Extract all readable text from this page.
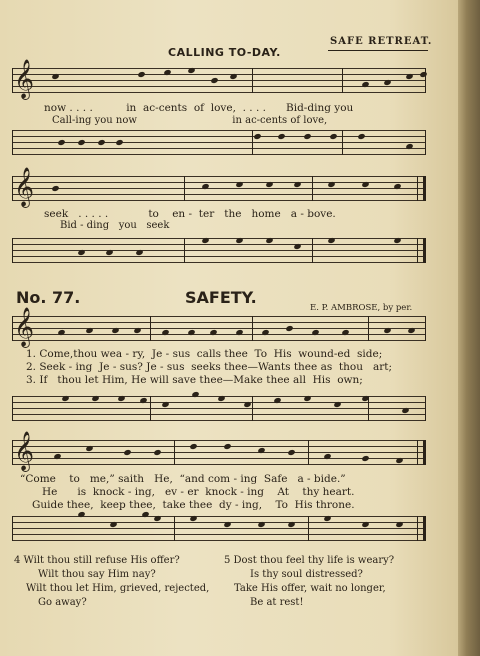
SAFE RETREAT.
CALLING TO-DAY.
𝄞
now . . . .	in ac-cents of love, . . . . Bid-ding you
Call-ing you now	in ac-cents of love,
𝄞
seek . . . . .	to en - ter the home a - bove.
Bid - ding you seek
No. 77.	SAFETY.
E. P. AMBROSE, by per.
𝄞
1. Come,thou wea - ry, Je - sus calls thee To His wound-ed side;
2. Seek - ing Je - sus? Je - sus seeks thee—Wants thee as thou art;
3. If thou let Him, He will save thee—Make thee all His own;
𝄞
“Come to me,” saith He, “and com - ing Safe a - bide.”
He is knock - ing, ev - er knock - ing At thy heart.
Guide thee, keep thee, take thee dy - ing, To His throne.
4 Wilt thou still refuse His offer?
Wilt thou say Him nay?
Wilt thou let Him, grieved, rejected,
Go away?
5 Dost thou feel thy life is weary?
Is thy soul distressed?
Take His offer, wait no longer,
Be at rest!
